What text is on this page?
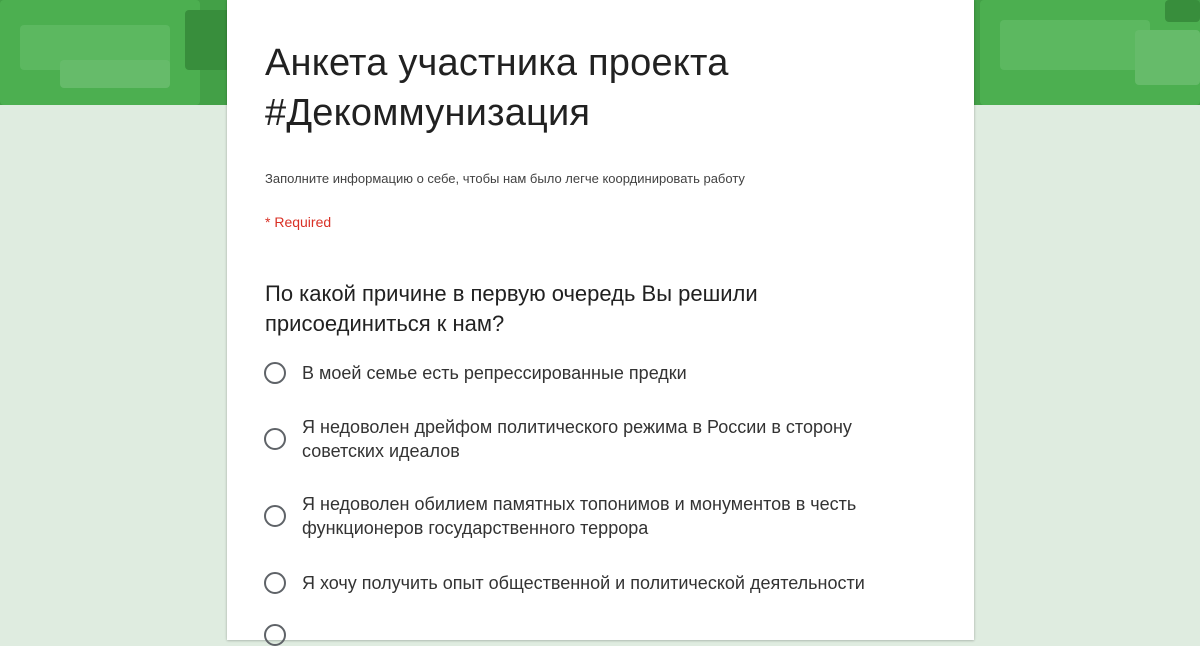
Анкета участника проекта #Декоммунизация

Заполните информацию о себе, чтобы нам было легче координировать работу

* Required

По какой причине в первую очередь Вы решили присоединиться к нам?
В моей семье есть репрессированные предки
Я недоволен дрейфом политического режима в России в сторону советских идеалов
Я недоволен обилием памятных топонимов и монументов в честь функционеров государственного террора
Я хочу получить опыт общественной и политической деятельности
